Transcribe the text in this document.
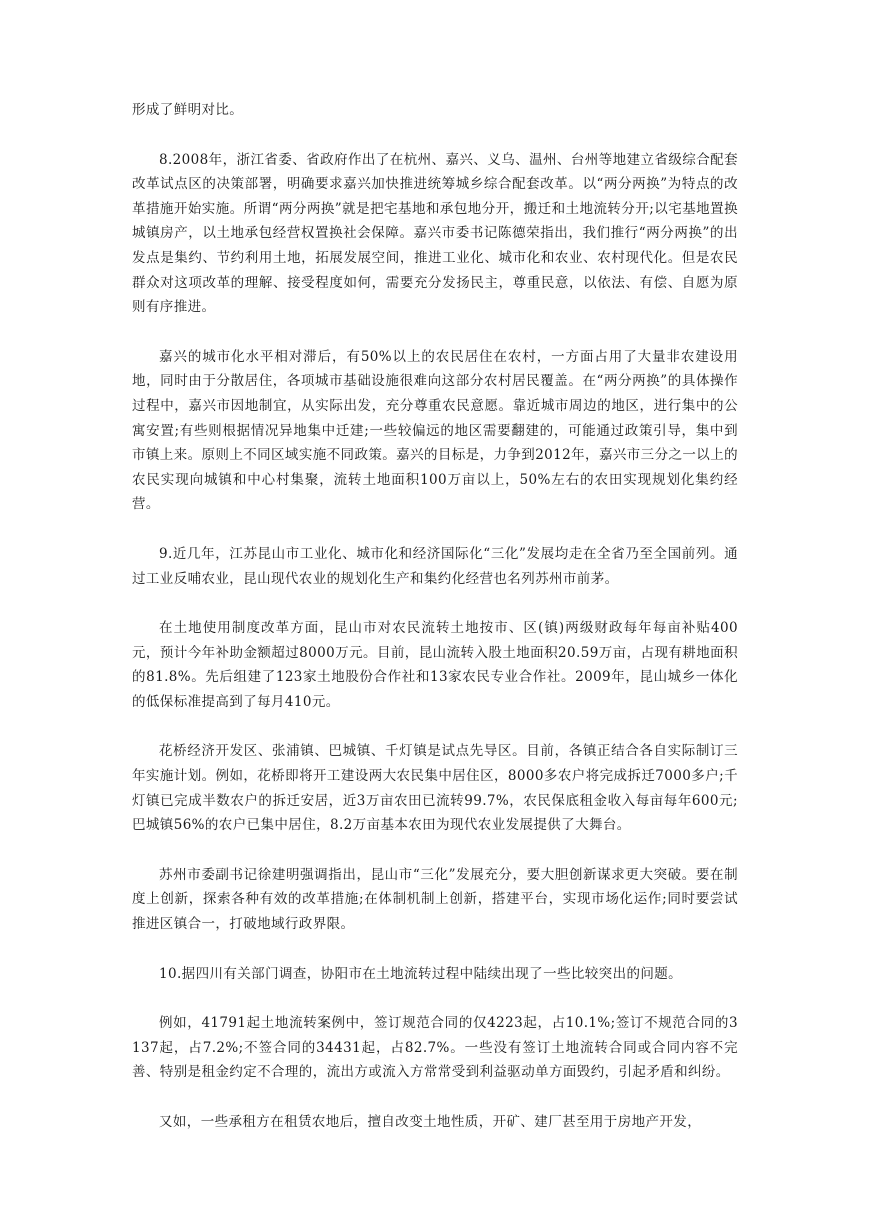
形成了鲜明对比。

8.2008年，浙江省委、省政府作出了在杭州、嘉兴、义乌、温州、台州等地建立省级综合配套改革试点区的决策部署，明确要求嘉兴加快推进统筹城乡综合配套改革。以“两分两换”为特点的改革措施开始实施。所谓“两分两换”就是把宅基地和承包地分开，搬迁和土地流转分开;以宅基地置换城镇房产，以土地承包经营权置换社会保障。嘉兴市委书记陈德荣指出，我们推行“两分两换”的出发点是集约、节约利用土地，拓展发展空间，推进工业化、城市化和农业、农村现代化。但是农民群众对这项改革的理解、接受程度如何，需要充分发扬民主，尊重民意，以依法、有偿、自愿为原则有序推进。

嘉兴的城市化水平相对滞后，有50%以上的农民居住在农村，一方面占用了大量非农建设用地，同时由于分散居住，各项城市基础设施很难向这部分农村居民覆盖。在“两分两换”的具体操作过程中，嘉兴市因地制宜，从实际出发，充分尊重农民意愿。靠近城市周边的地区，进行集中的公寓安置;有些则根据情况异地集中迁建;一些较偏远的地区需要翻建的，可能通过政策引导，集中到市镇上来。原则上不同区域实施不同政策。嘉兴的目标是，力争到2012年，嘉兴市三分之一以上的农民实现向城镇和中心村集聚，流转土地面积100万亩以上，50%左右的农田实现规划化集约经营。

9.近几年，江苏昆山市工业化、城市化和经济国际化“三化”发展均走在全省乃至全国前列。通过工业反哺农业，昆山现代农业的规划化生产和集约化经营也名列苏州市前茅。

在土地使用制度改革方面，昆山市对农民流转土地按市、区(镇)两级财政每年每亩补贴400元，预计今年补助金额超过8000万元。目前，昆山流转入股土地面积20.59万亩，占现有耕地面积的81.8%。先后组建了123家土地股份合作社和13家农民专业合作社。2009年，昆山城乡一体化的低保标准提高到了每月410元。

花桥经济开发区、张浦镇、巴城镇、千灯镇是试点先导区。目前，各镇正结合各自实际制订三年实施计划。例如，花桥即将开工建设两大农民集中居住区，8000多农户将完成拆迁7000多户;千灯镇已完成半数农户的拆迁安居，近3万亩农田已流转99.7%，农民保底租金收入每亩每年600元;巴城镇56%的农户已集中居住，8.2万亩基本农田为现代农业发展提供了大舞台。

苏州市委副书记徐建明强调指出，昆山市“三化”发展充分，要大胆创新谋求更大突破。要在制度上创新，探索各种有效的改革措施;在体制机制上创新，搭建平台，实现市场化运作;同时要尝试推进区镇合一，打破地域行政界限。

10.据四川有关部门调查，协阳市在土地流转过程中陆续出现了一些比较突出的问题。

例如，41791起土地流转案例中，签订规范合同的仅4223起，占10.1%;签订不规范合同的3137起，占7.2%;不签合同的34431起，占82.7%。一些没有签订土地流转合同或合同内容不完善、特别是租金约定不合理的，流出方或流入方常常受到利益驱动单方面毁约，引起矛盾和纠纷。

又如，一些承租方在租赁农地后，擅自改变土地性质，开矿、建厂甚至用于房地产开发，
